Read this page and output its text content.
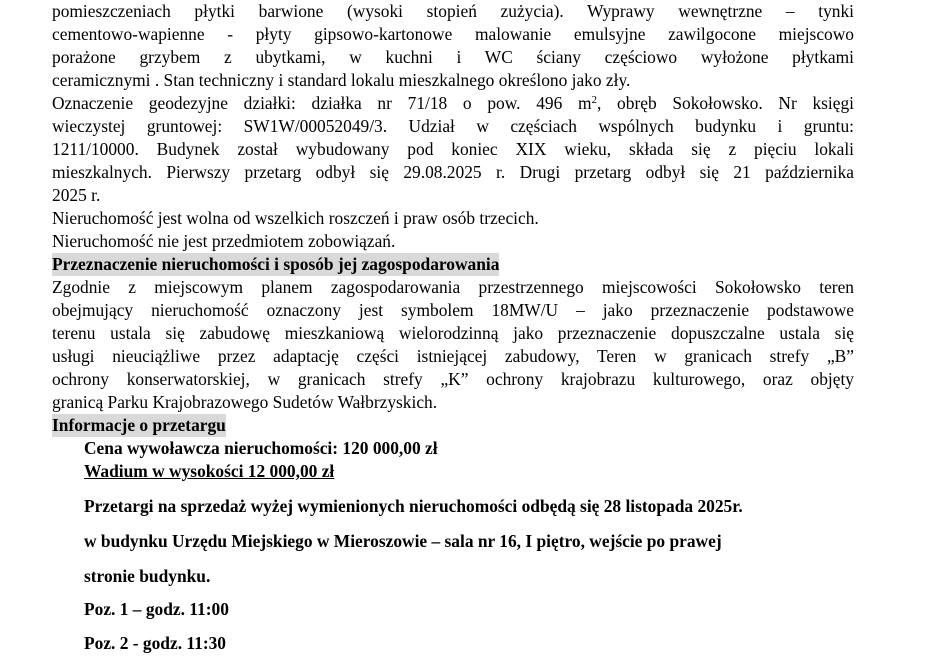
pomieszczeniach płytki barwione (wysoki stopień zużycia). Wyprawy wewnętrzne – tynki
cementowo-wapienne - płyty gipsowo-kartonowe malowanie emulsyjne zawilgocone miejscowo
porażone grzybem z ubytkami, w kuchni i WC ściany częściowo wyłożone płytkami
ceramicznymi . Stan techniczny i standard lokalu mieszkalnego określono jako zły.
Oznaczenie geodezyjne działki: działka nr 71/18 o pow. 496 $m^2$, obręb Sokołowsko. Nr księgi
wieczystej gruntowej: SW1W/00052049/3. Udział w częściach wspólnych budynku i gruntu:
1211/10000. Budynek został wybudowany pod koniec XIX wieku, składa się z pięciu lokali
mieszkalnych. Pierwszy przetarg odbył się 29.08.2025 r. Drugi przetarg odbył się 21 października
2025 r.
Nieruchomość jest wolna od wszelkich roszczeń i praw osób trzecich.
Nieruchomość nie jest przedmiotem zobowiązań.
Przeznaczenie nieruchomości i sposób jej zagospodarowania
Zgodnie z miejscowym planem zagospodarowania przestrzennego miejscowości Sokołowsko teren
obejmujący nieruchomość oznaczony jest symbolem 18MW/U – jako przeznaczenie podstawowe
terenu ustala się zabudowę mieszkaniową wielorodzinną jako przeznaczenie dopuszczalne ustala się
usługi nieuciążliwe przez adaptację części istniejącej zabudowy, Teren w granicach strefy „B”
ochrony konserwatorskiej, w granicach strefy „K” ochrony krajobrazu kulturowego, oraz objęty
granicą Parku Krajobrazowego Sudetów Wałbrzyskich.
Informacje o przetargu
Cena wywoławcza nieruchomości: 120 000,00 zł
Wadium w wysokości 12 000,00 zł
Przetargi na sprzedaż wyżej wymienionych nieruchomości odbędą się 28 listopada 2025r.
w budynku Urzędu Miejskiego w Mieroszowie – sala nr 16, I piętro, wejście po prawej
stronie budynku.
Poz. 1 – godz. 11:00
Poz. 2 - godz. 11:30
